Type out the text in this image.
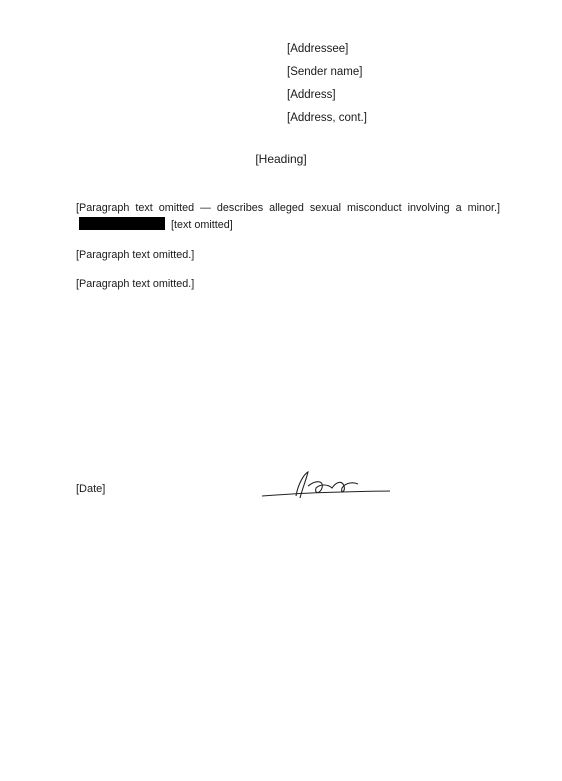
[Addressee]
[Sender name]
[Address]
[Address, cont.]
[Heading]

[Paragraph text omitted — describes alleged sexual misconduct involving a minor.]  [text omitted]

[Paragraph text omitted.]

[Paragraph text omitted.]

[Date]
